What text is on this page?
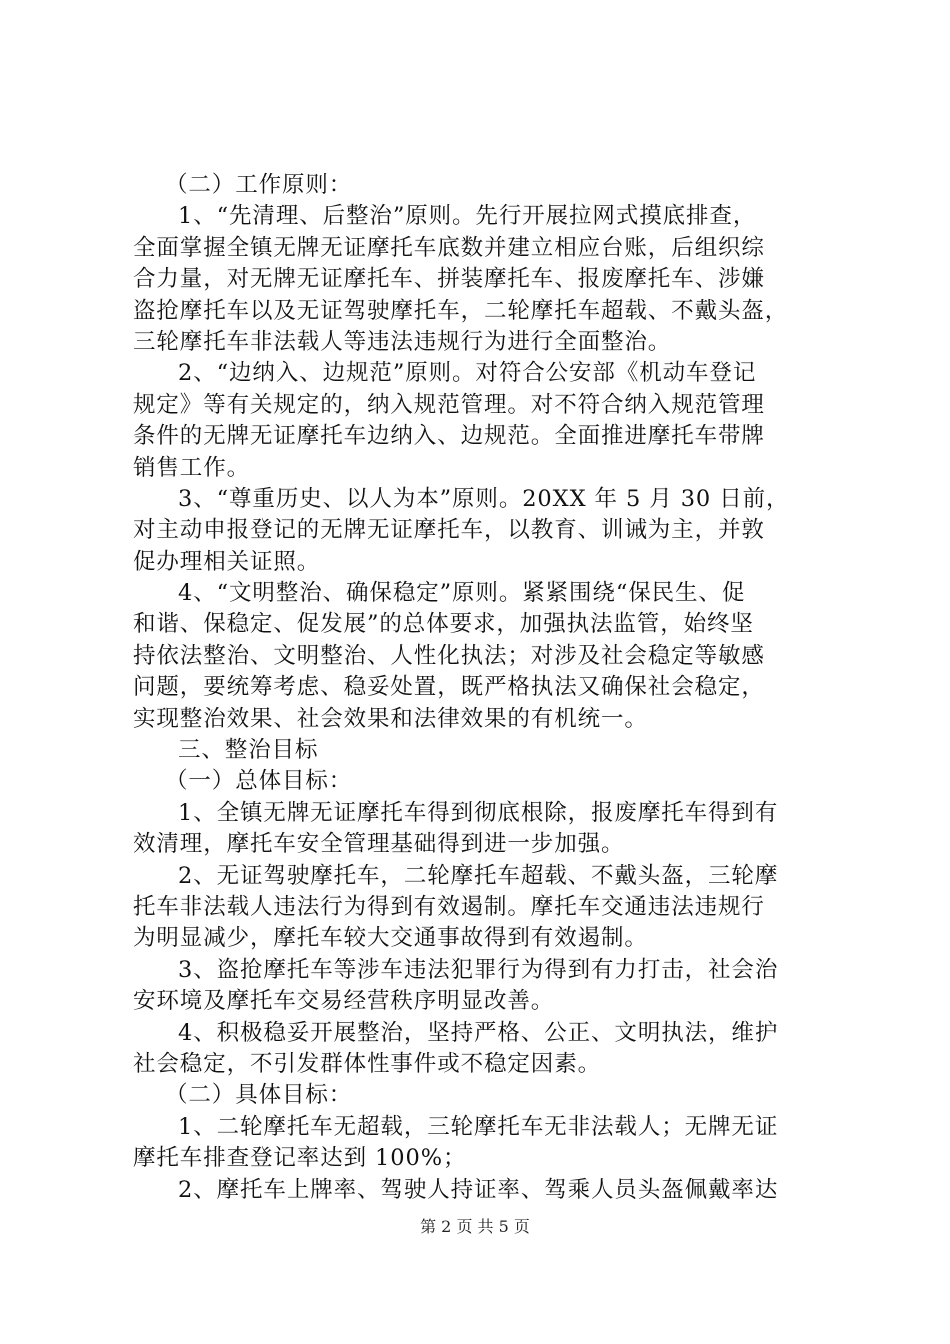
（二）工作原则：
1、“先清理、后整治”原则。先行开展拉网式摸底排查，
全面掌握全镇无牌无证摩托车底数并建立相应台账，后组织综
合力量，对无牌无证摩托车、拼装摩托车、报废摩托车、涉嫌
盗抢摩托车以及无证驾驶摩托车，二轮摩托车超载、不戴头盔，
三轮摩托车非法载人等违法违规行为进行全面整治。
2、“边纳入、边规范”原则。对符合公安部《机动车登记
规定》等有关规定的，纳入规范管理。对不符合纳入规范管理
条件的无牌无证摩托车边纳入、边规范。全面推进摩托车带牌
销售工作。
3、“尊重历史、以人为本”原则。20XX 年 5 月 30 日前，
对主动申报登记的无牌无证摩托车，以教育、训诫为主，并敦
促办理相关证照。
4、“文明整治、确保稳定”原则。紧紧围绕“保民生、促
和谐、保稳定、促发展”的总体要求，加强执法监管，始终坚
持依法整治、文明整治、人性化执法；对涉及社会稳定等敏感
问题，要统筹考虑、稳妥处置，既严格执法又确保社会稳定，
实现整治效果、社会效果和法律效果的有机统一。
三、整治目标
（一）总体目标：
1、全镇无牌无证摩托车得到彻底根除，报废摩托车得到有
效清理，摩托车安全管理基础得到进一步加强。
2、无证驾驶摩托车，二轮摩托车超载、不戴头盔，三轮摩
托车非法载人违法行为得到有效遏制。摩托车交通违法违规行
为明显减少，摩托车较大交通事故得到有效遏制。
3、盗抢摩托车等涉车违法犯罪行为得到有力打击，社会治
安环境及摩托车交易经营秩序明显改善。
4、积极稳妥开展整治，坚持严格、公正、文明执法，维护
社会稳定，不引发群体性事件或不稳定因素。
（二）具体目标：
1、二轮摩托车无超载，三轮摩托车无非法载人；无牌无证
摩托车排查登记率达到 100%；
2、摩托车上牌率、驾驶人持证率、驾乘人员头盔佩戴率达
第 2 页 共 5 页
